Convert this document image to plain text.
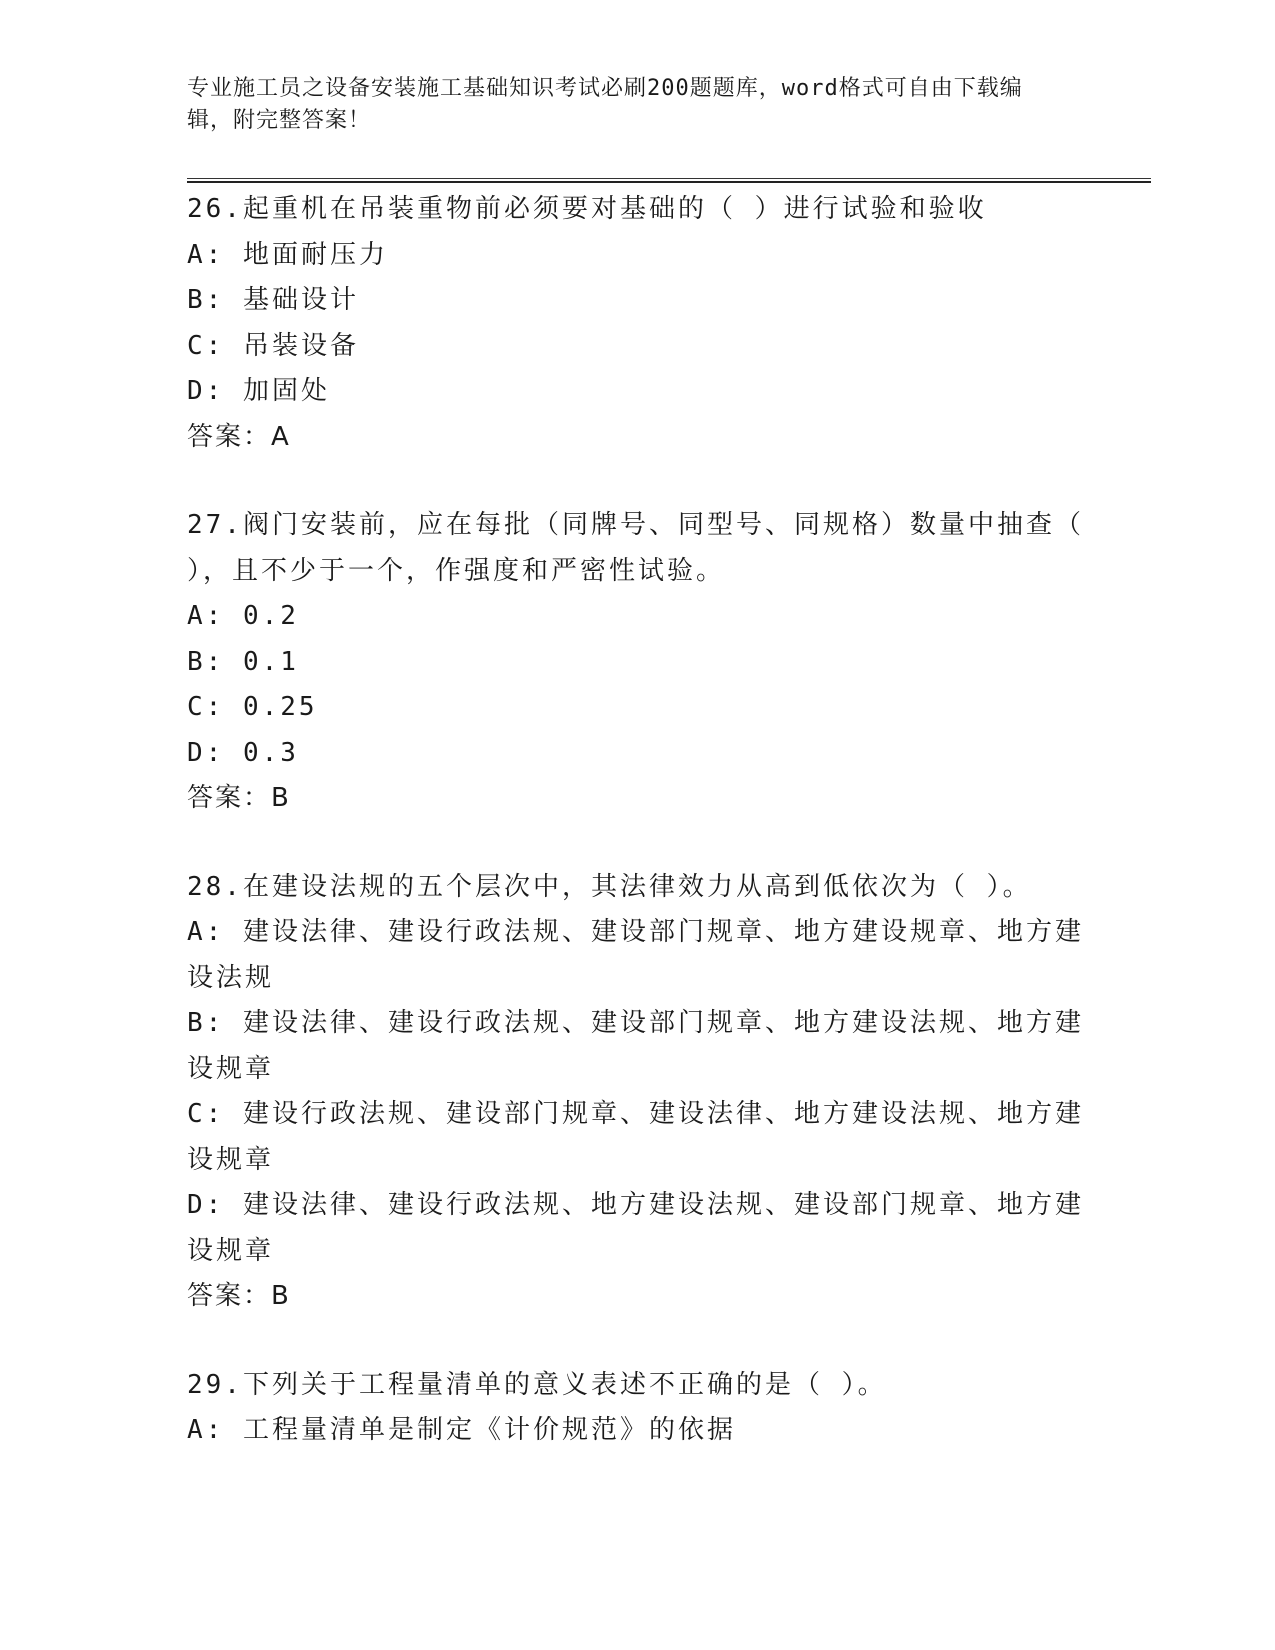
专业施工员之设备安装施工基础知识考试必刷200题题库，word格式可自由下载编辑，附完整答案！
26.起重机在吊装重物前必须要对基础的（ ）进行试验和验收
A: 地面耐压力
B: 基础设计
C: 吊装设备
D: 加固处
答案：A
27.阀门安装前，应在每批（同牌号、同型号、同规格）数量中抽查（
），且不少于一个，作强度和严密性试验。
A: 0.2
B: 0.1
C: 0.25
D: 0.3
答案：B
28.在建设法规的五个层次中，其法律效力从高到低依次为（ ）。
A: 建设法律、建设行政法规、建设部门规章、地方建设规章、地方建
设法规
B: 建设法律、建设行政法规、建设部门规章、地方建设法规、地方建
设规章
C: 建设行政法规、建设部门规章、建设法律、地方建设法规、地方建
设规章
D: 建设法律、建设行政法规、地方建设法规、建设部门规章、地方建
设规章
答案：B
29.下列关于工程量清单的意义表述不正确的是（ ）。
A: 工程量清单是制定《计价规范》的依据
